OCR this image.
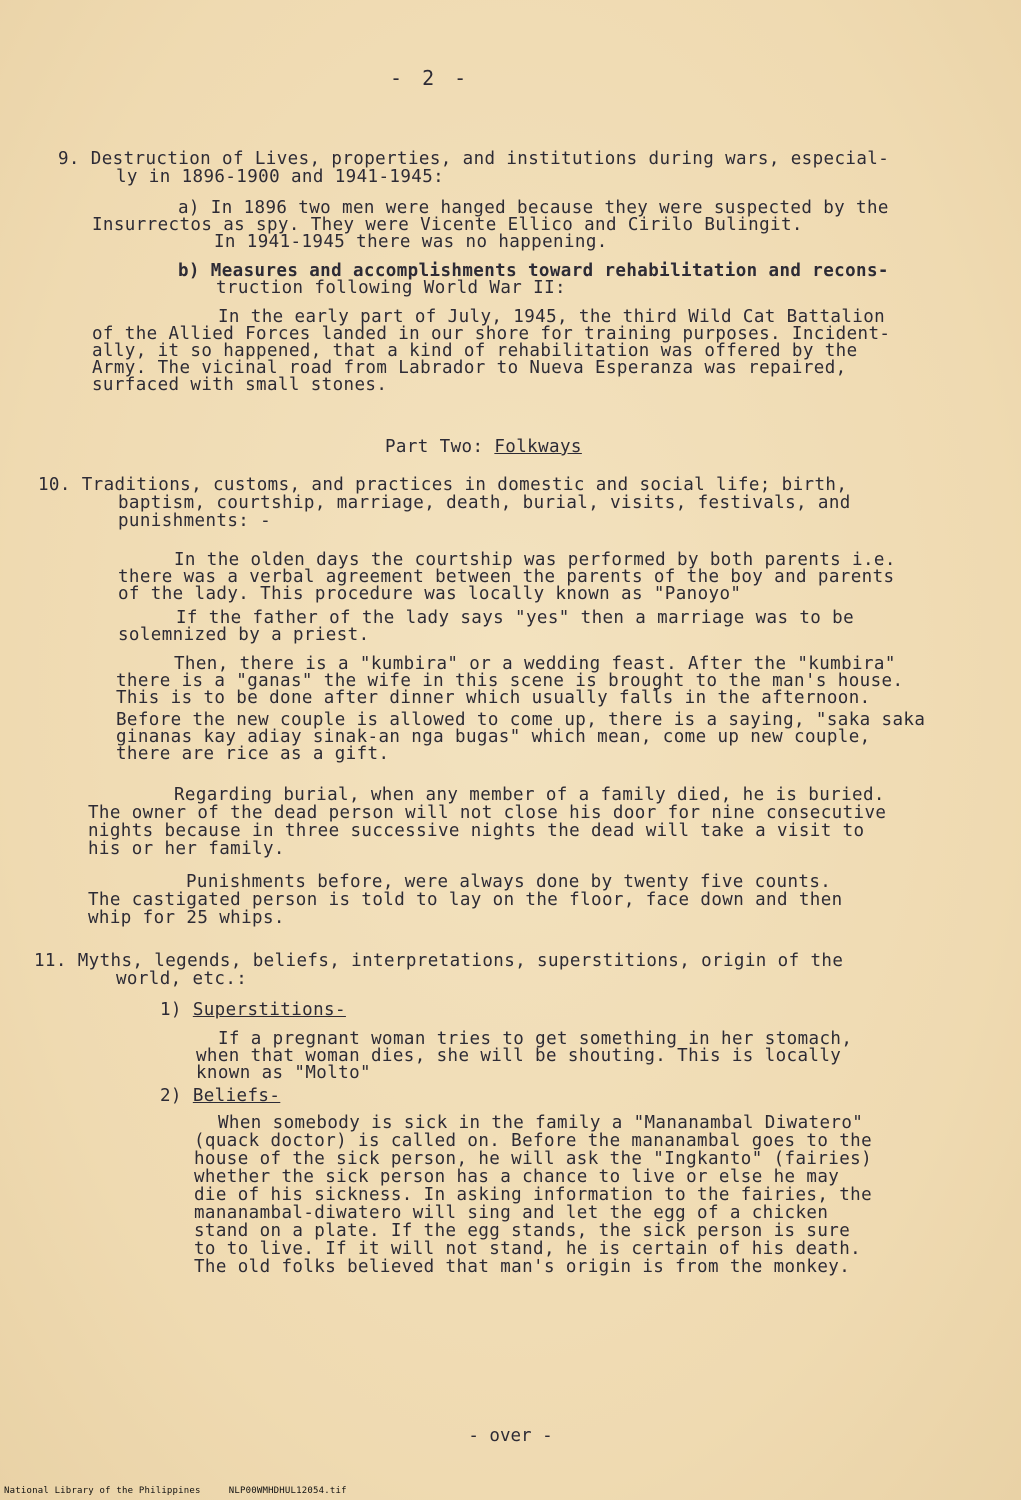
- 2 -
9. Destruction of Lives, properties, and institutions during wars, especial-
ly in 1896-1900 and 1941-1945:
a) In 1896 two men were hanged because they were suspected by the
Insurrectos as spy. They were Vicente Ellico and Cirilo Bulingit.
In 1941-1945 there was no happening.
b) Measures and accomplishments toward rehabilitation and recons-
truction following World War II:
In the early part of July, 1945, the third Wild Cat Battalion
of the Allied Forces landed in our shore for training purposes. Incident-
ally, it so happened, that a kind of rehabilitation was offered by the
Army. The vicinal road from Labrador to Nueva Esperanza was repaired,
surfaced with small stones.
Part Two: Folkways
10. Traditions, customs, and practices in domestic and social life; birth,
baptism, courtship, marriage, death, burial, visits, festivals, and
punishments: -
In the olden days the courtship was performed by both parents i.e.
there was a verbal agreement between the parents of the boy and parents
of the lady. This procedure was locally known as "Panoyo"
If the father of the lady says "yes" then a marriage was to be
solemnized by a priest.
Then, there is a "kumbira" or a wedding feast. After the "kumbira"
there is a "ganas" the wife in this scene is brought to the man's house.
This is to be done after dinner which usually falls in the afternoon.
Before the new couple is allowed to come up, there is a saying, "saka saka
ginanas kay adiay sinak-an nga bugas" which mean, come up new couple,
there are rice as a gift.
Regarding burial, when any member of a family died, he is buried.
The owner of the dead person will not close his door for nine consecutive
nights because in three successive nights the dead will take a visit to
his or her family.
Punishments before, were always done by twenty five counts.
The castigated person is told to lay on the floor, face down and then
whip for 25 whips.
11. Myths, legends, beliefs, interpretations, superstitions, origin of the
world, etc.:
1) Superstitions-
If a pregnant woman tries to get something in her stomach,
when that woman dies, she will be shouting. This is locally
known as "Molto"
2) Beliefs-
When somebody is sick in the family a "Mananambal Diwatero"
(quack doctor) is called on. Before the mananambal goes to the
house of the sick person, he will ask the "Ingkanto" (fairies)
whether the sick person has a chance to live or else he may
die of his sickness. In asking information to the fairies, the
mananambal-diwatero will sing and let the egg of a chicken
stand on a plate. If the egg stands, the sick person is sure
to to live. If it will not stand, he is certain of his death.
The old folks believed that man's origin is from the monkey.
- over -
National Library of the Philippines     NLP00WMHDHUL12054.tif
